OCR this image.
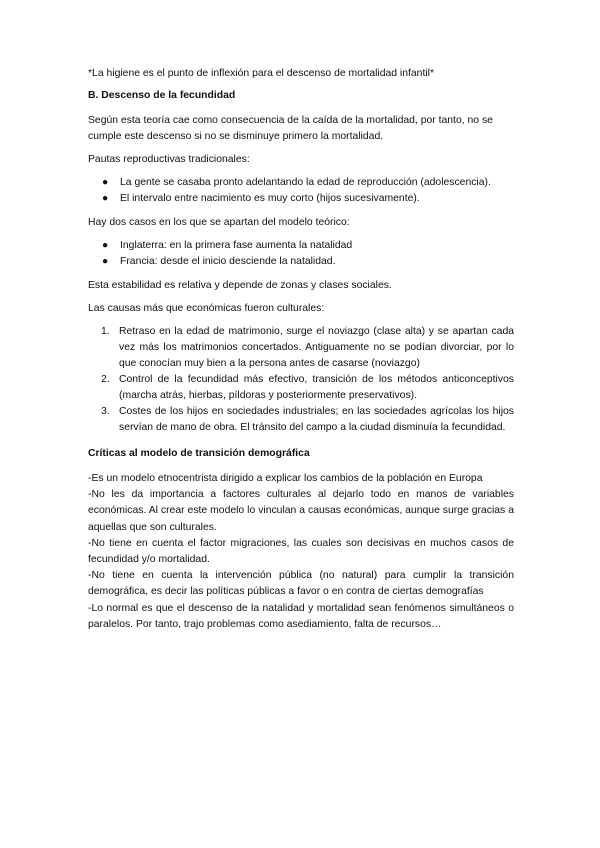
*La higiene es el punto de inflexión para el descenso de mortalidad infantil*

B. Descenso de la fecundidad

Según esta teoría cae como consecuencia de la caída de la mortalidad, por tanto, no se cumple este descenso si no se disminuye primero la mortalidad.

Pautas reproductivas tradicionales:

● La gente se casaba pronto adelantando la edad de reproducción (adolescencia).
● El intervalo entre nacimiento es muy corto (hijos sucesivamente).

Hay dos casos en los que se apartan del modelo teórico:

● Inglaterra: en la primera fase aumenta la natalidad
● Francia: desde el inicio desciende la natalidad.

Esta estabilidad es relativa y depende de zonas y clases sociales.

Las causas más que económicas fueron culturales:

1. Retraso en la edad de matrimonio, surge el noviazgo (clase alta) y se apartan cada vez más los matrimonios concertados. Antiguamente no se podían divorciar, por lo que conocían muy bien a la persona antes de casarse (noviazgo)
2. Control de la fecundidad más efectivo, transición de los métodos anticonceptivos (marcha atrás, hierbas, píldoras y posteriormente preservativos).
3. Costes de los hijos en sociedades industriales; en las sociedades agrícolas los hijos servían de mano de obra. El tránsito del campo a la ciudad disminuía la fecundidad.

Críticas al modelo de transición demográfica

-Es un modelo etnocentrista dirigido a explicar los cambios de la población en Europa

-No les da importancia a factores culturales al dejarlo todo en manos de variables económicas. Al crear este modelo lo vinculan a causas económicas, aunque surge gracias a aquellas que son culturales.

-No tiene en cuenta el factor migraciones, las cuales son decisivas en muchos casos de fecundidad y/o mortalidad.

-No tiene en cuenta la intervención pública (no natural) para cumplir la transición demográfica, es decir las políticas públicas a favor o en contra de ciertas demografías

-Lo normal es que el descenso de la natalidad y mortalidad sean fenómenos simultáneos o paralelos. Por tanto, trajo problemas como asediamiento, falta de recursos…
